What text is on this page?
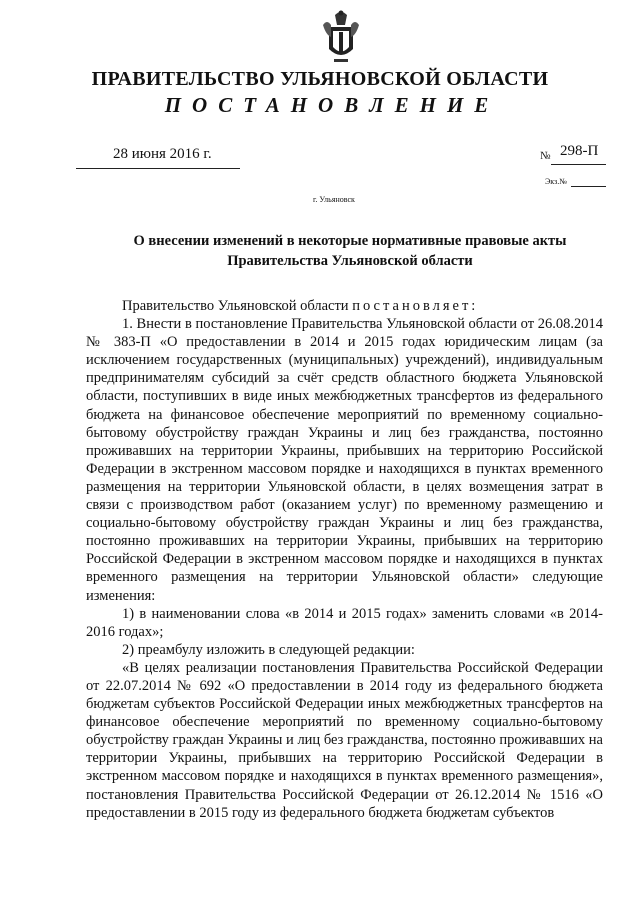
ПРАВИТЕЛЬСТВО УЛЬЯНОВСКОЙ ОБЛАСТИ
ПОСТАНОВЛЕНИЕ
28 июня 2016 г.	№ 298-П
Экз.№
г. Ульяновск
О внесении изменений в некоторые нормативные правовые акты
Правительства Ульяновской области

Правительство Ульяновской области постановляет:

1. Внести в постановление Правительства Ульяновской области от 26.08.2014 № 383-П «О предоставлении в 2014 и 2015 годах юридическим лицам (за исключением государственных (муниципальных) учреждений), индивидуальным предпринимателям субсидий за счёт средств областного бюджета Ульяновской области, поступивших в виде иных межбюджетных трансфертов из федерального бюджета на финансовое обеспечение мероприятий по временному социально-бытовому обустройству граждан Украины и лиц без гражданства, постоянно проживавших на территории Украины, прибывших на территорию Российской Федерации в экстренном массовом порядке и находящихся в пунктах временного размещения на территории Ульяновской области, в целях возмещения затрат в связи с производством работ (оказанием услуг) по временному размещению и социально-бытовому обустройству граждан Украины и лиц без гражданства, постоянно проживавших на территории Украины, прибывших на территорию Российской Федерации в экстренном массовом порядке и находящихся в пунктах временного размещения на территории Ульяновской области» следующие изменения:

1) в наименовании слова «в 2014 и 2015 годах» заменить словами «в 2014-2016 годах»;

2) преамбулу изложить в следующей редакции:

«В целях реализации постановления Правительства Российской Федерации от 22.07.2014 № 692 «О предоставлении в 2014 году из федерального бюджета бюджетам субъектов Российской Федерации иных межбюджетных трансфертов на финансовое обеспечение мероприятий по временному социально-бытовому обустройству граждан Украины и лиц без гражданства, постоянно проживавших на территории Украины, прибывших на территорию Российской Федерации в экстренном массовом порядке и находящихся в пунктах временного размещения», постановления Правительства Российской Федерации от 26.12.2014 № 1516 «О предоставлении в 2015 году из федерального бюджета бюджетам субъектов
